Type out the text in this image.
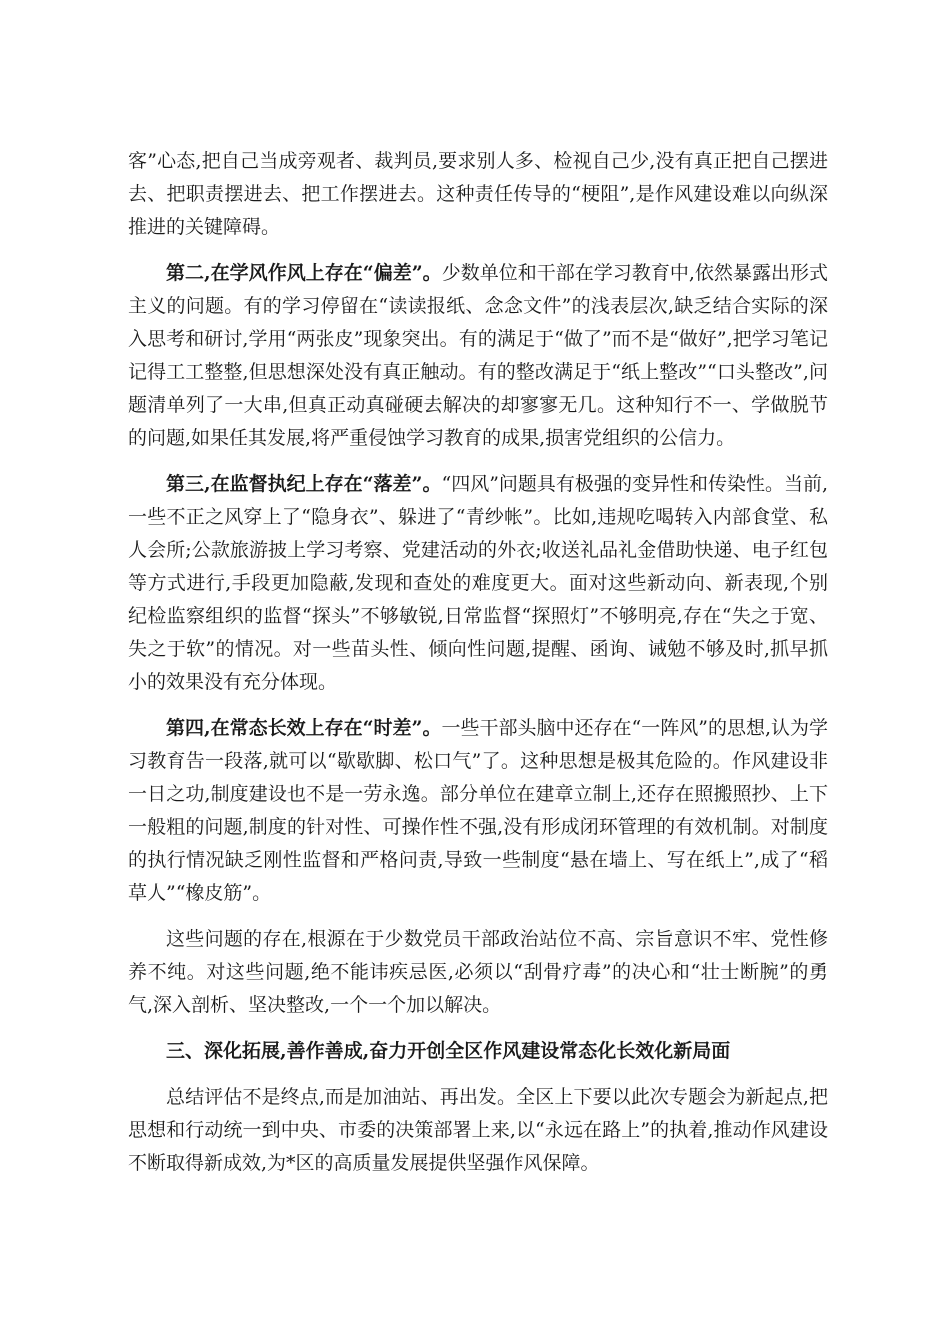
客”心态,把自己当成旁观者、裁判员,要求别人多、检视自己少,没有真正把自己摆进去、把职责摆进去、把工作摆进去。这种责任传导的“梗阻”,是作风建设难以向纵深推进的关键障碍。

第二,在学风作风上存在“偏差”。少数单位和干部在学习教育中,依然暴露出形式主义的问题。有的学习停留在“读读报纸、念念文件”的浅表层次,缺乏结合实际的深入思考和研讨,学用“两张皮”现象突出。有的满足于“做了”而不是“做好”,把学习笔记记得工工整整,但思想深处没有真正触动。有的整改满足于“纸上整改”“口头整改”,问题清单列了一大串,但真正动真碰硬去解决的却寥寥无几。这种知行不一、学做脱节的问题,如果任其发展,将严重侵蚀学习教育的成果,损害党组织的公信力。

第三,在监督执纪上存在“落差”。“四风”问题具有极强的变异性和传染性。当前,一些不正之风穿上了“隐身衣”、躲进了“青纱帐”。比如,违规吃喝转入内部食堂、私人会所;公款旅游披上学习考察、党建活动的外衣;收送礼品礼金借助快递、电子红包等方式进行,手段更加隐蔽,发现和查处的难度更大。面对这些新动向、新表现,个别纪检监察组织的监督“探头”不够敏锐,日常监督“探照灯”不够明亮,存在“失之于宽、失之于软”的情况。对一些苗头性、倾向性问题,提醒、函询、诫勉不够及时,抓早抓小的效果没有充分体现。

第四,在常态长效上存在“时差”。一些干部头脑中还存在“一阵风”的思想,认为学习教育告一段落,就可以“歇歇脚、松口气”了。这种思想是极其危险的。作风建设非一日之功,制度建设也不是一劳永逸。部分单位在建章立制上,还存在照搬照抄、上下一般粗的问题,制度的针对性、可操作性不强,没有形成闭环管理的有效机制。对制度的执行情况缺乏刚性监督和严格问责,导致一些制度“悬在墙上、写在纸上”,成了“稻草人”“橡皮筋”。

这些问题的存在,根源在于少数党员干部政治站位不高、宗旨意识不牢、党性修养不纯。对这些问题,绝不能讳疾忌医,必须以“刮骨疗毒”的决心和“壮士断腕”的勇气,深入剖析、坚决整改,一个一个加以解决。

三、深化拓展,善作善成,奋力开创全区作风建设常态化长效化新局面

总结评估不是终点,而是加油站、再出发。全区上下要以此次专题会为新起点,把思想和行动统一到中央、市委的决策部署上来,以“永远在路上”的执着,推动作风建设不断取得新成效,为*区的高质量发展提供坚强作风保障。
